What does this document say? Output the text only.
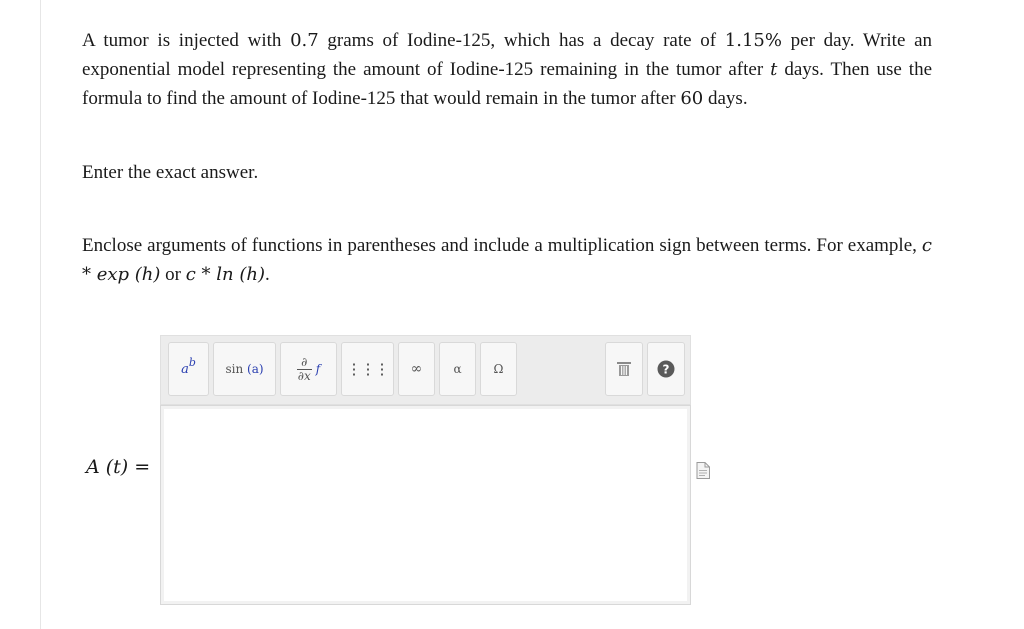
A tumor is injected with 0.7 grams of Iodine-125, which has a decay rate of 1.15% per day. Write an exponential model representing the amount of Iodine-125 remaining in the tumor after t days. Then use the formula to find the amount of Iodine-125 that would remain in the tumor after 60 days.

Enter the exact answer.

Enclose arguments of functions in parentheses and include a multiplication sign between terms. For example, c * exp (h) or c * ln (h).

a b sin
(a)
∂
∂x f ⋮⋮⋮ ∞	α	Ω	?
A (t) =
